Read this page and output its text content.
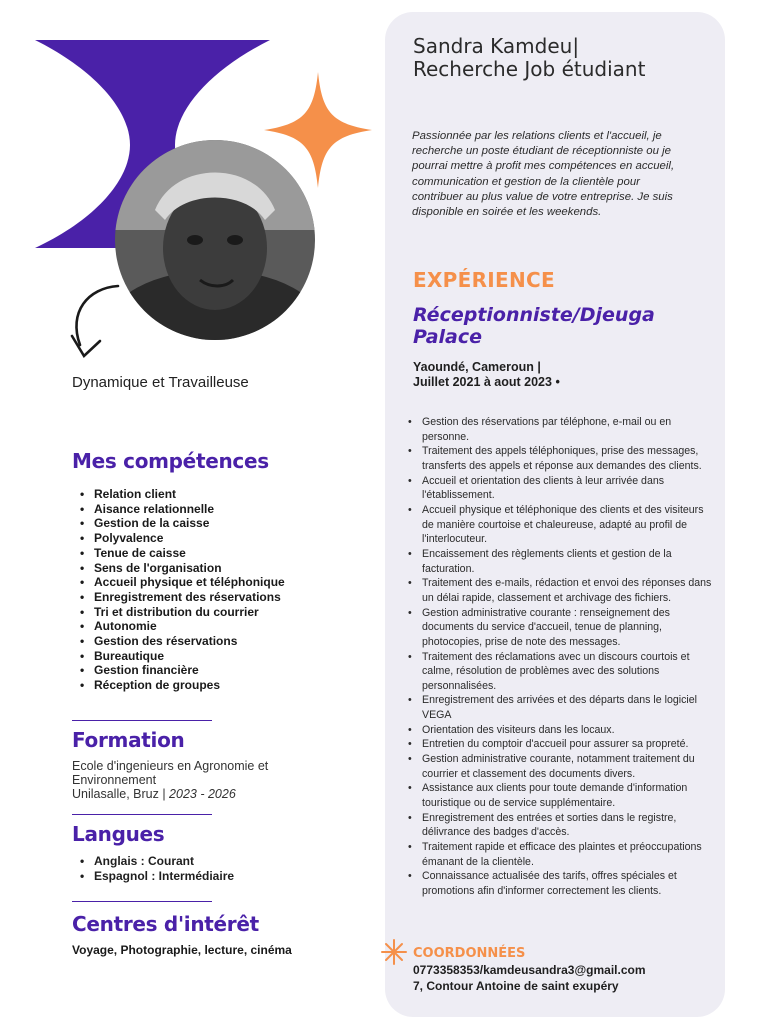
Dynamique et Travailleuse
Mes compétences
• Relation client
• Aisance relationnelle
• Gestion de la caisse
• Polyvalence
• Tenue de caisse
• Sens de l'organisation
• Accueil physique et téléphonique
• Enregistrement des réservations
• Tri et distribution du courrier
• Autonomie
• Gestion des réservations
• Bureautique
• Gestion financière
• Réception de groupes
Formation
Ecole d'ingenieurs en Agronomie et Environnement
Unilasalle, Bruz | 2023 - 2026
Langues
• Anglais : Courant
• Espagnol : Intermédiaire
Centres d'intérêt
Voyage, Photographie, lecture, cinéma
Sandra Kamdeu|
Recherche Job étudiant
Passionnée par les relations clients et l'accueil, je recherche un poste étudiant de réceptionniste ou je pourrai mettre à profit mes compétences en accueil, communication et gestion de la clientèle pour contribuer au plus value de votre entreprise. Je suis disponible en soirée et les weekends.
EXPÉRIENCE
Réceptionniste/Djeuga Palace
Yaoundé, Cameroun |
Juillet 2021 à aout 2023 •
• Gestion des réservations par téléphone, e-mail ou en personne.
• Traitement des appels téléphoniques, prise des messages, transferts des appels et réponse aux demandes des clients.
• Accueil et orientation des clients à leur arrivée dans l'établissement.
• Accueil physique et téléphonique des clients et des visiteurs de manière courtoise et chaleureuse, adapté au profil de l'interlocuteur.
• Encaissement des règlements clients et gestion de la facturation.
• Traitement des e-mails, rédaction et envoi des réponses dans un délai rapide, classement et archivage des fichiers.
• Gestion administrative courante : renseignement des documents du service d'accueil, tenue de planning, photocopies, prise de note des messages.
• Traitement des réclamations avec un discours courtois et calme, résolution de problèmes avec des solutions personnalisées.
• Enregistrement des arrivées et des départs dans le logiciel VEGA
• Orientation des visiteurs dans les locaux.
• Entretien du comptoir d'accueil pour assurer sa propreté.
• Gestion administrative courante, notamment traitement du courrier et classement des documents divers.
• Assistance aux clients pour toute demande d'information touristique ou de service supplémentaire.
• Enregistrement des entrées et sorties dans le registre, délivrance des badges d'accès.
• Traitement rapide et efficace des plaintes et préoccupations émanant de la clientèle.
• Connaissance actualisée des tarifs, offres spéciales et promotions afin d'informer correctement les clients.
COORDONNÉES
0773358353/kamdeusandra3@gmail.com
7, Contour Antoine de saint exupéry
